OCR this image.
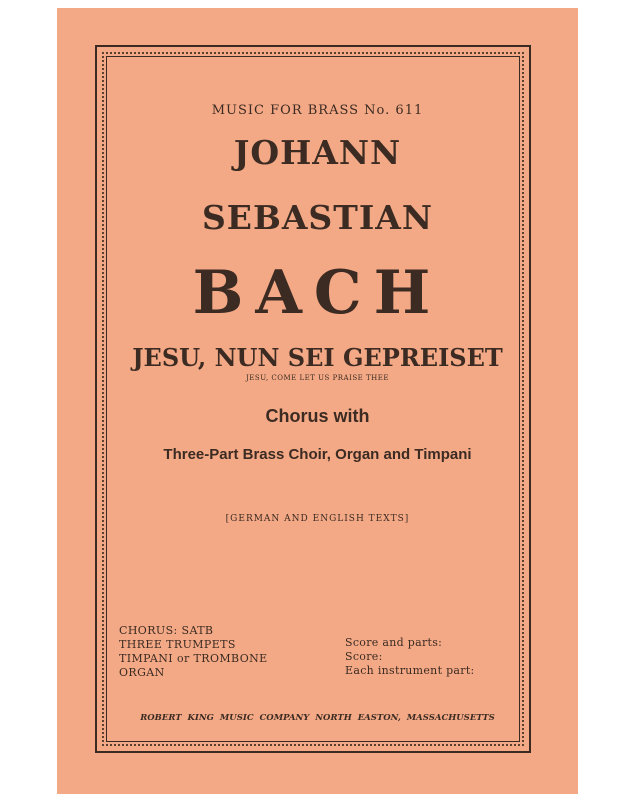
MUSIC FOR BRASS No. 611
JOHANN
SEBASTIAN
BACH
JESU, NUN SEI GEPREISET
JESU, COME LET US PRAISE THEE
Chorus with
Three-Part Brass Choir, Organ and Timpani
[GERMAN AND ENGLISH TEXTS]
CHORUS: SATB
THREE TRUMPETS
TIMPANI or TROMBONE
ORGAN
Score and parts:
Score:
Each instrument part:
ROBERT KING MUSIC COMPANY NORTH EASTON, MASSACHUSETTS
